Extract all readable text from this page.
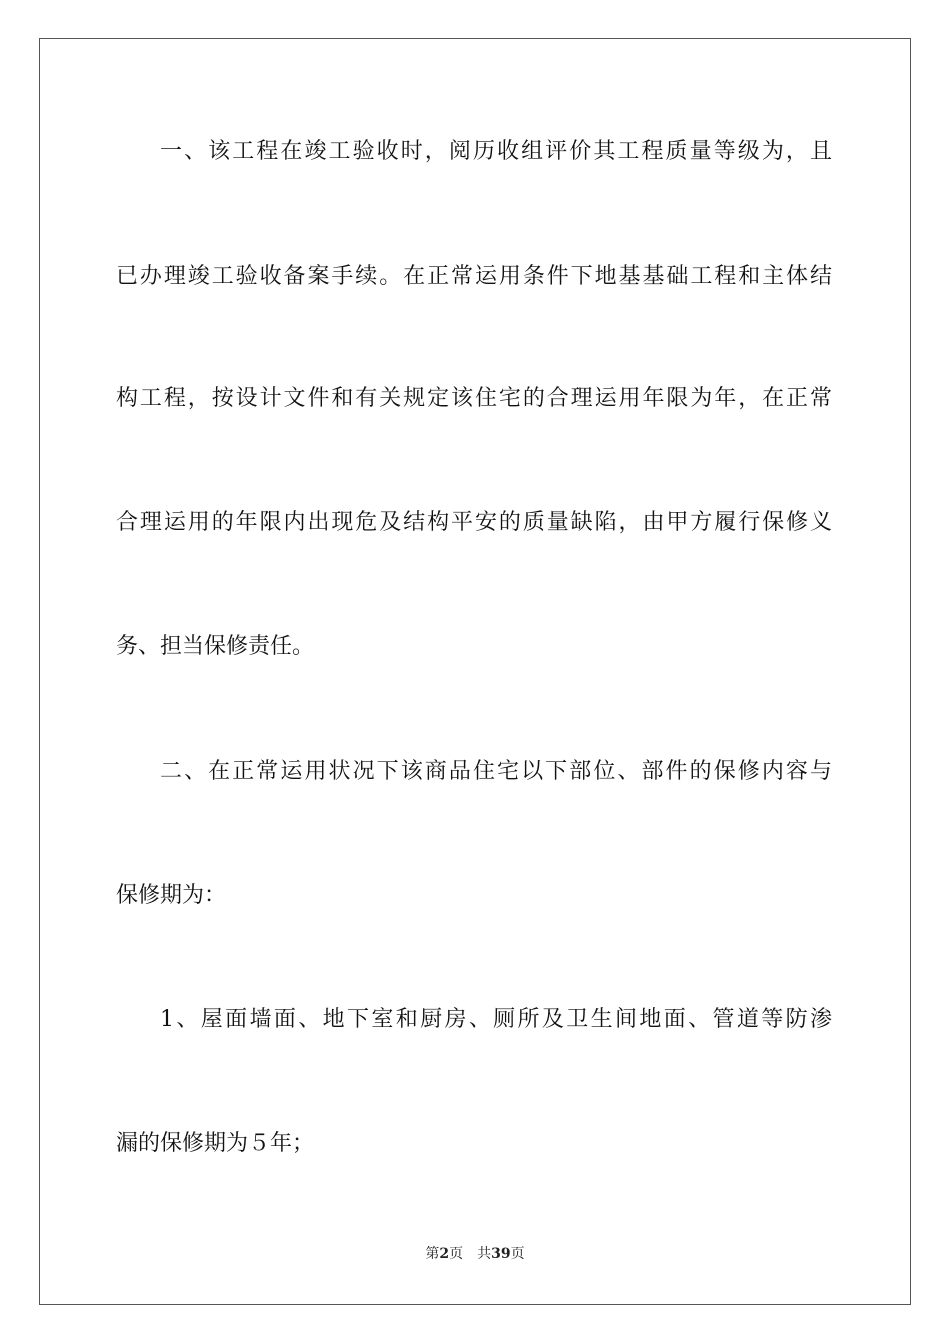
一、该工程在竣工验收时，阅历收组评价其工程质量等级为，且
已办理竣工验收备案手续。在正常运用条件下地基基础工程和主体结
构工程，按设计文件和有关规定该住宅的合理运用年限为年，在正常
合理运用的年限内出现危及结构平安的质量缺陷，由甲方履行保修义
务、担当保修责任。
二、在正常运用状况下该商品住宅以下部位、部件的保修内容与
保修期为：
1、屋面墙面、地下室和厨房、厕所及卫生间地面、管道等防渗
漏的保修期为５年；
第2页 共39页
